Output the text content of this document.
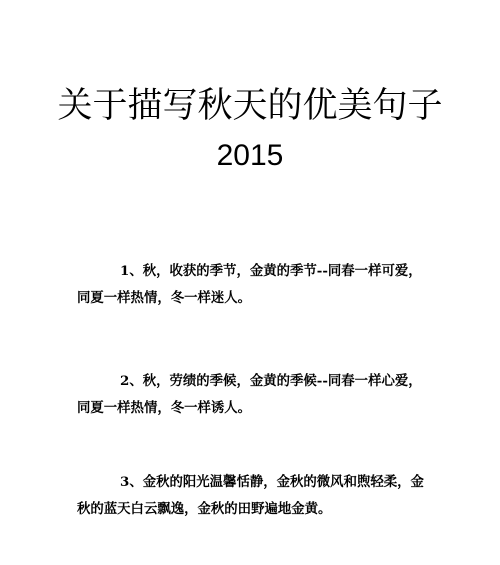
关于描写秋天的优美句子
2015

1、秋，收获的季节，金黄的季节--同春一样可爱，
同夏一样热情，冬一样迷人。

2、秋，劳绩的季候，金黄的季候--同春一样心爱，
同夏一样热情，冬一样诱人。

3、金秋的阳光温馨恬静，金秋的微风和煦轻柔，金
秋的蓝天白云飘逸，金秋的田野遍地金黄。
